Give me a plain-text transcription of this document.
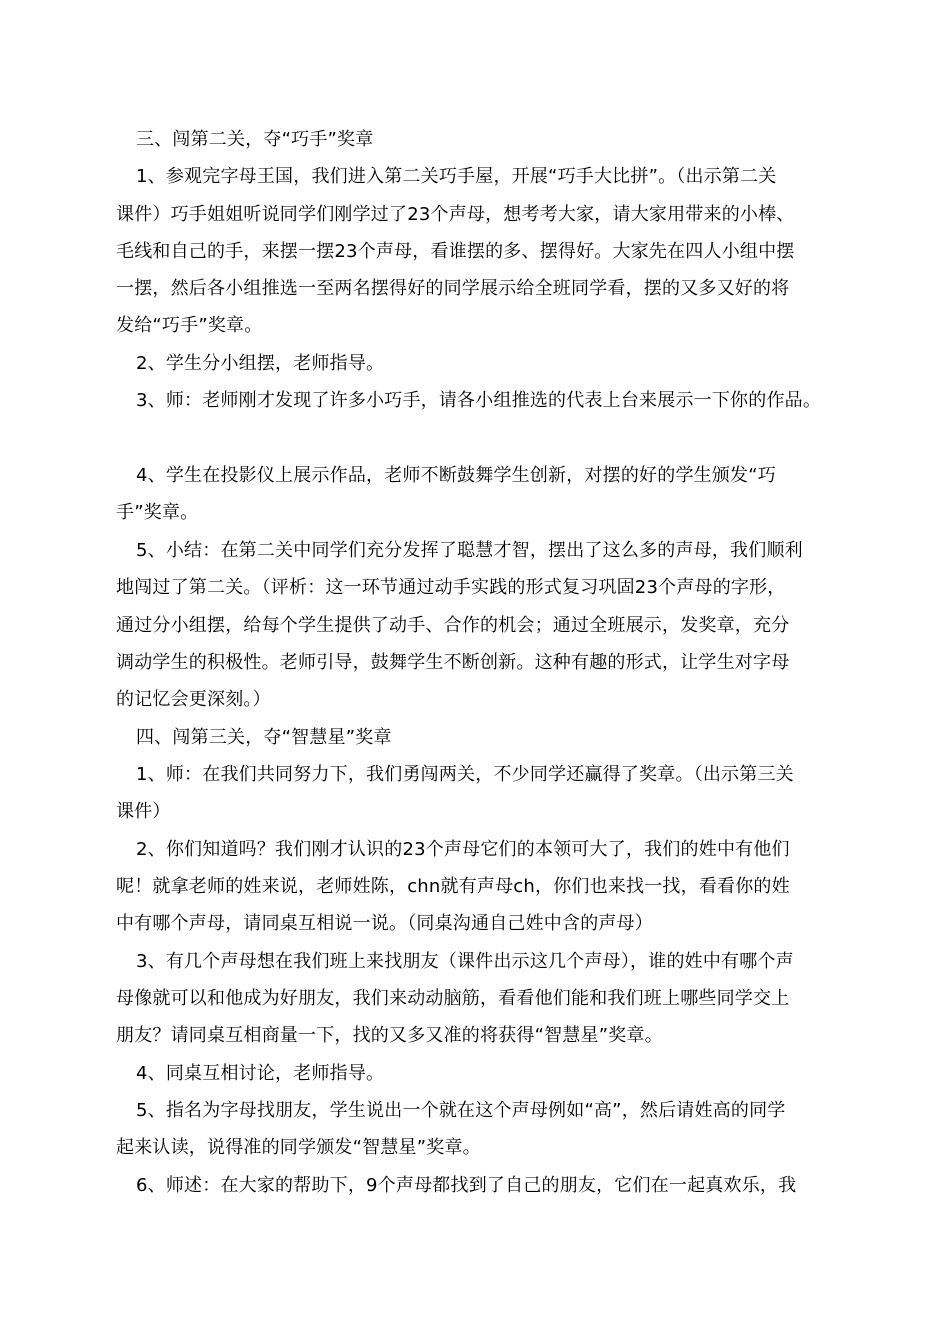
三、闯第二关，夺“巧手”奖章
1、参观完字母王国，我们进入第二关巧手屋，开展“巧手大比拼”。（出示第二关
课件）巧手姐姐听说同学们刚学过了23个声母，想考考大家，请大家用带来的小棒、
毛线和自己的手，来摆一摆23个声母，看谁摆的多、摆得好。大家先在四人小组中摆
一摆，然后各小组推选一至两名摆得好的同学展示给全班同学看，摆的又多又好的将
发给“巧手”奖章。
2、学生分小组摆，老师指导。
3、师：老师刚才发现了许多小巧手，请各小组推选的代表上台来展示一下你的作品。
4、学生在投影仪上展示作品，老师不断鼓舞学生创新，对摆的好的学生颁发“巧
手”奖章。
5、小结：在第二关中同学们充分发挥了聪慧才智，摆出了这么多的声母，我们顺利
地闯过了第二关。（评析：这一环节通过动手实践的形式复习巩固23个声母的字形，
通过分小组摆，给每个学生提供了动手、合作的机会；通过全班展示，发奖章，充分
调动学生的积极性。老师引导，鼓舞学生不断创新。这种有趣的形式，让学生对字母
的记忆会更深刻。）
四、闯第三关，夺“智慧星”奖章
1、师：在我们共同努力下，我们勇闯两关，不少同学还赢得了奖章。（出示第三关
课件）
2、你们知道吗？我们刚才认识的23个声母它们的本领可大了，我们的姓中有他们
呢！就拿老师的姓来说，老师姓陈，chn就有声母ch，你们也来找一找，看看你的姓
中有哪个声母，请同桌互相说一说。（同桌沟通自己姓中含的声母）
3、有几个声母想在我们班上来找朋友（课件出示这几个声母），谁的姓中有哪个声
母像就可以和他成为好朋友，我们来动动脑筋，看看他们能和我们班上哪些同学交上
朋友？请同桌互相商量一下，找的又多又准的将获得“智慧星”奖章。
4、同桌互相讨论，老师指导。
5、指名为字母找朋友，学生说出一个就在这个声母例如“高”，然后请姓高的同学
起来认读，说得准的同学颁发“智慧星”奖章。
6、师述：在大家的帮助下，9个声母都找到了自己的朋友，它们在一起真欢乐，我
